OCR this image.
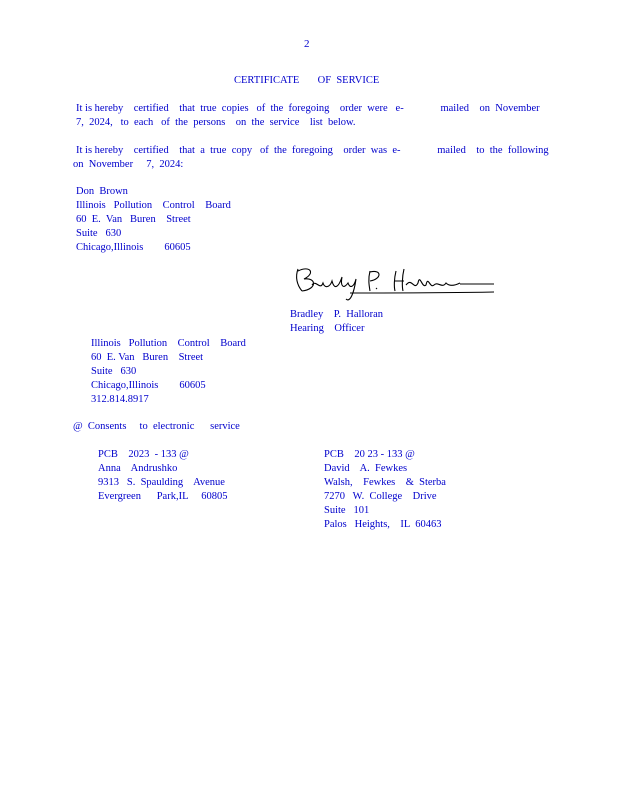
2
CERTIFICATE       OF  SERVICE
It is hereby    certified    that  true  copies   of  the  foregoing    order  were   e-              mailed    on  November
7,  2024,   to  each   of  the  persons    on  the  service    list  below.
It is hereby    certified    that  a  true  copy   of  the  foregoing    order  was  e-              mailed    to  the  following
on  November     7,  2024:
Don  Brown
Illinois   Pollution    Control    Board
60  E.  Van   Buren    Street
Suite   630
Chicago,Illinois        60605
Bradley    P.  Halloran
Hearing    Officer
Illinois   Pollution    Control    Board
60  E. Van   Buren    Street
Suite   630
Chicago,Illinois        60605
312.814.8917
@  Consents     to  electronic      service
PCB    2023  - 133 @
Anna    Andrushko
9313   S.  Spaulding    Avenue
Evergreen      Park,IL     60805
PCB    20 23 - 133 @
David    A.  Fewkes
Walsh,    Fewkes    &  Sterba
7270   W.  College    Drive
Suite   101
Palos   Heights,    IL  60463
